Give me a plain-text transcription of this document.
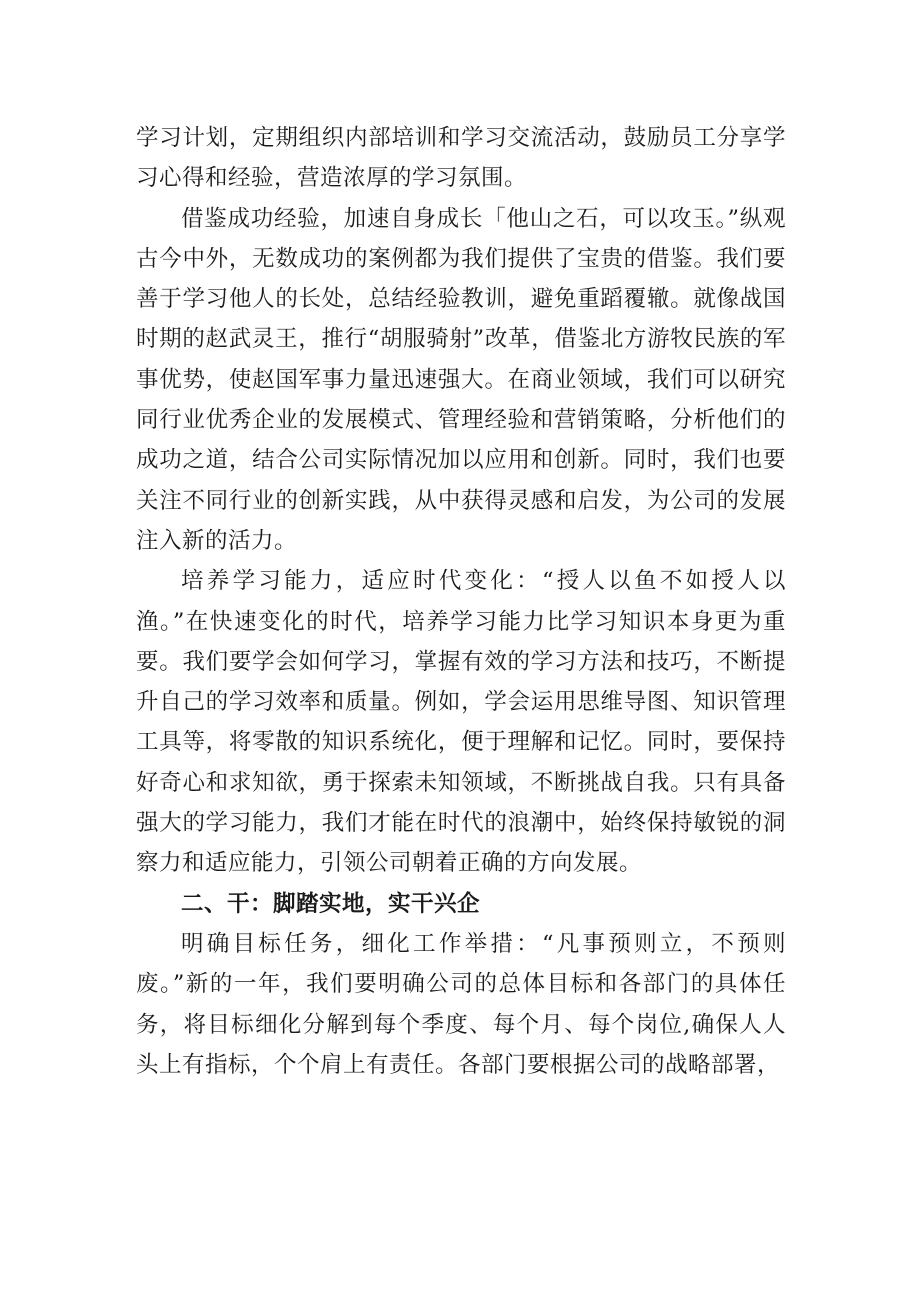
学习计划，定期组织内部培训和学习交流活动，鼓励员工分享学习心得和经验，营造浓厚的学习氛围。

借鉴成功经验，加速自身成长「他山之石，可以攻玉。”纵观古今中外，无数成功的案例都为我们提供了宝贵的借鉴。我们要善于学习他人的长处，总结经验教训，避免重蹈覆辙。就像战国时期的赵武灵王，推行“胡服骑射”改革，借鉴北方游牧民族的军事优势，使赵国军事力量迅速强大。在商业领域，我们可以研究同行业优秀企业的发展模式、管理经验和营销策略，分析他们的成功之道，结合公司实际情况加以应用和创新。同时，我们也要关注不同行业的创新实践，从中获得灵感和启发，为公司的发展注入新的活力。

培养学习能力，适应时代变化：“授人以鱼不如授人以渔。”在快速变化的时代，培养学习能力比学习知识本身更为重要。我们要学会如何学习，掌握有效的学习方法和技巧，不断提升自己的学习效率和质量。例如，学会运用思维导图、知识管理工具等，将零散的知识系统化，便于理解和记忆。同时，要保持好奇心和求知欲，勇于探索未知领域，不断挑战自我。只有具备强大的学习能力，我们才能在时代的浪潮中，始终保持敏锐的洞察力和适应能力，引领公司朝着正确的方向发展。

二、干：脚踏实地，实干兴企

明确目标任务，细化工作举措：“凡事预则立，不预则废。”新的一年，我们要明确公司的总体目标和各部门的具体任务，将目标细化分解到每个季度、每个月、每个岗位,确保人人头上有指标，个个肩上有责任。各部门要根据公司的战略部署，
